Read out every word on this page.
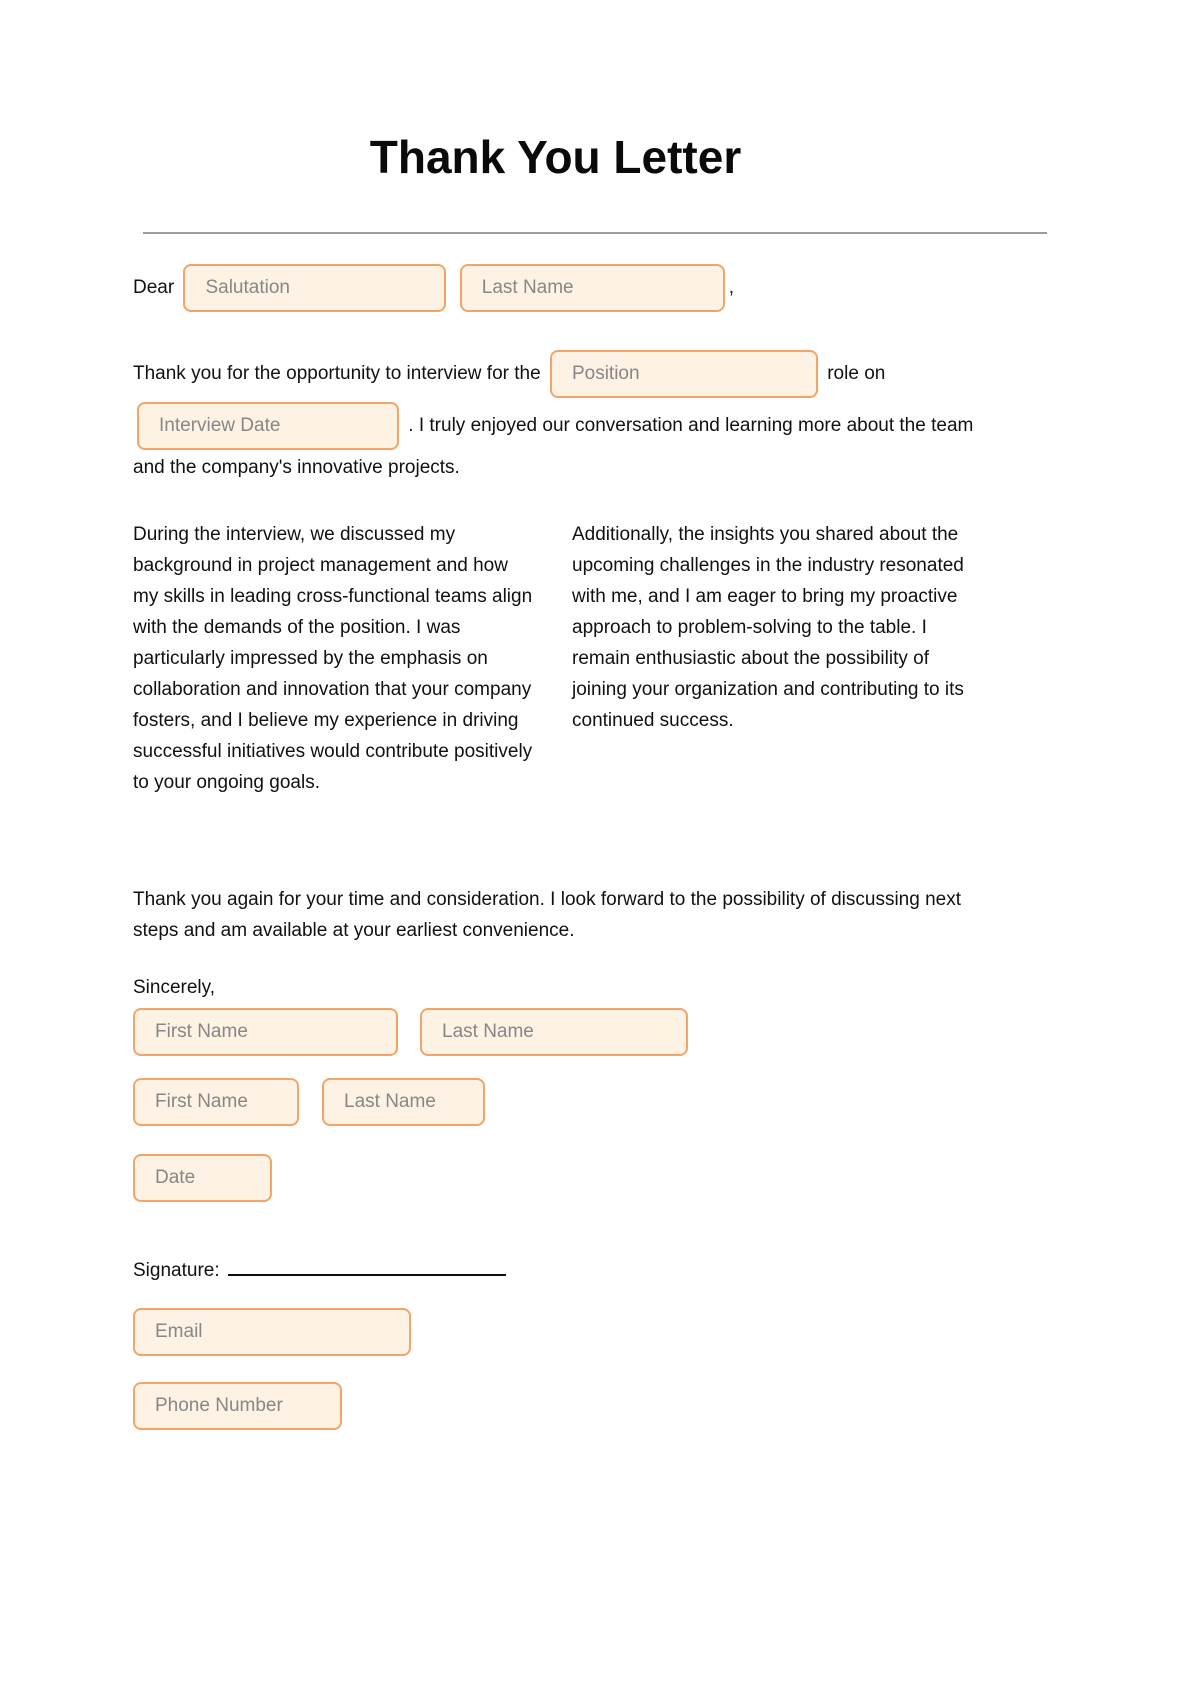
Thank You Letter

Dear Salutation Last Name	,

Thank you for the opportunity to interview for the Position	role on Interview Date . I truly enjoyed our conversation and learning more about the team and the company's innovative projects.

During the interview, we discussed my background in project management and how my skills in leading cross-functional teams align with the demands of the position. I was particularly impressed by the emphasis on collaboration and innovation that your company fosters, and I believe my experience in driving successful initiatives would contribute positively to your ongoing goals.

Additionally, the insights you shared about the upcoming challenges in the industry resonated with me, and I am eager to bring my proactive approach to problem-solving to the table. I remain enthusiastic about the possibility of joining your organization and contributing to its continued success.

Thank you again for your time and consideration. I look forward to the possibility of discussing next steps and am available at your earliest convenience.

Sincerely,

First Name
Last Name
First Name
Last Name
Date

Signature:

Email
Phone Number
